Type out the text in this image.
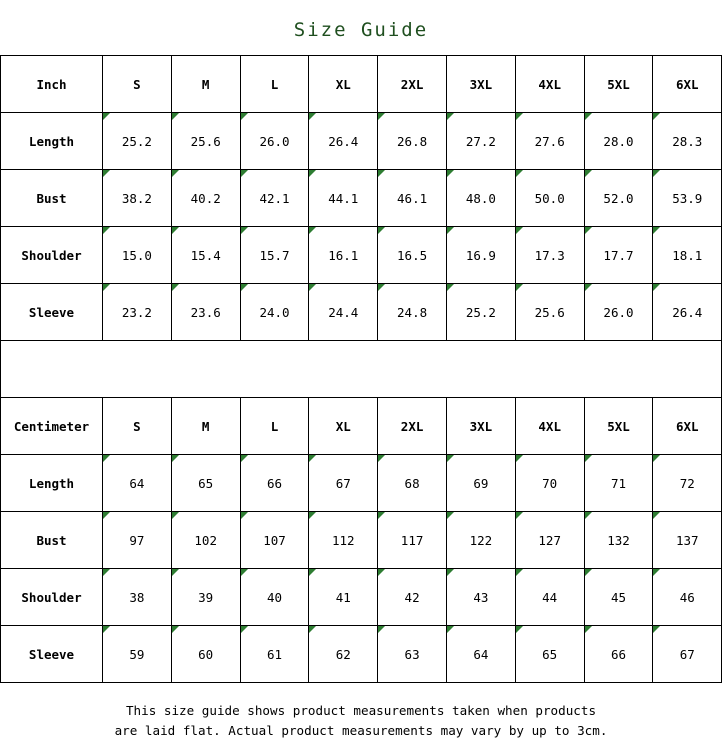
Size Guide
Inch	S	M	L	XL	2XL	3XL	4XL	5XL	6XL
Length	25.2	25.6	26.0	26.4	26.8	27.2	27.6	28.0	28.3
Bust	38.2	40.2	42.1	44.1	46.1	48.0	50.0	52.0	53.9
Shoulder	15.0	15.4	15.7	16.1	16.5	16.9	17.3	17.7	18.1
Sleeve	23.2	23.6	24.0	24.4	24.8	25.2	25.6	26.0	26.4
Centimeter	S	M	L	XL	2XL	3XL	4XL	5XL	6XL
Length	64	65	66	67	68	69	70	71	72
Bust	97	102	107	112	117	122	127	132	137
Shoulder	38	39	40	41	42	43	44	45	46
Sleeve	59	60	61	62	63	64	65	66	67
This size guide shows product measurements taken when products
are laid flat. Actual product measurements may vary by up to 3cm.
